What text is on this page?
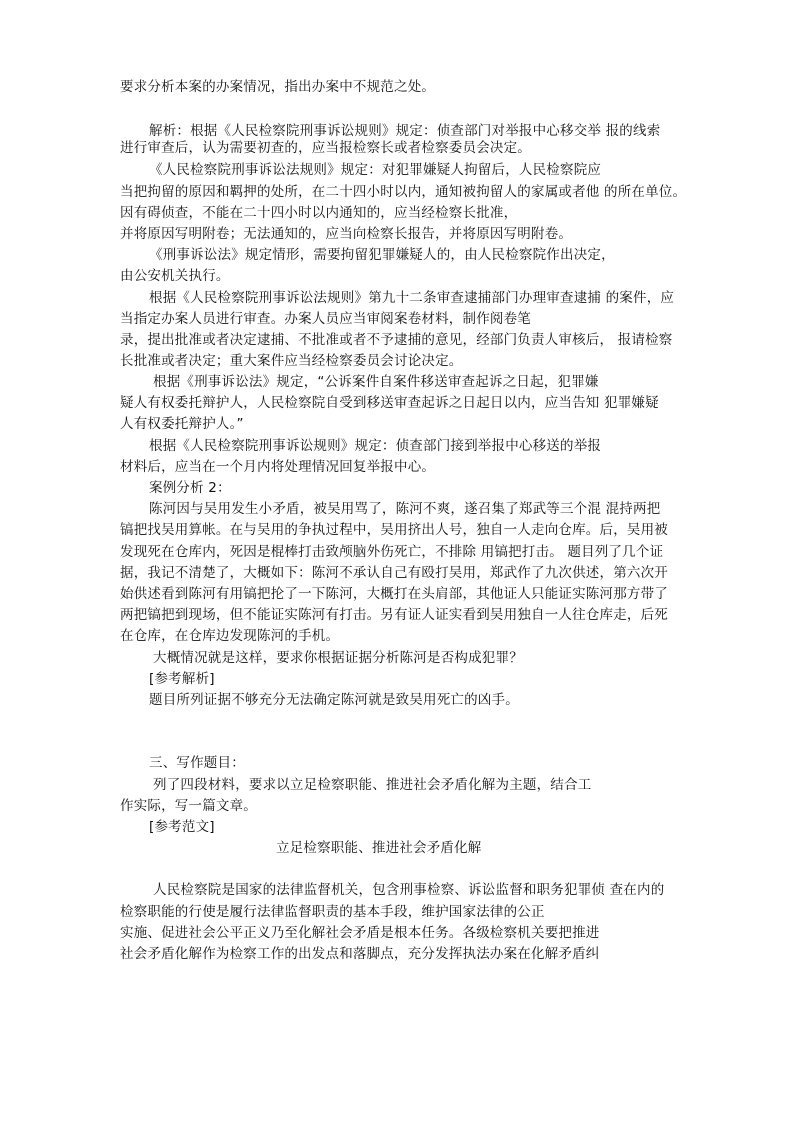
要求分析本案的办案情况，指出办案中不规范之处。
解析：根据《人民检察院刑事诉讼规则》规定：侦查部门对举报中心移交举 报的线索
进行审查后，认为需要初查的，应当报检察长或者检察委员会决定。
《人民检察院刑事诉讼法规则》规定：对犯罪嫌疑人拘留后，人民检察院应
当把拘留的原因和羁押的处所，在二十四小时以内，通知被拘留人的家属或者他 的所在单位。
因有碍侦查，不能在二十四小时以内通知的，应当经检察长批准，
并将原因写明附卷；无法通知的，应当向检察长报告，并将原因写明附卷。
《刑事诉讼法》规定情形，需要拘留犯罪嫌疑人的，由人民检察院作出决定，
由公安机关执行。
根据《人民检察院刑事诉讼法规则》第九十二条审查逮捕部门办理审查逮捕 的案件，应
当指定办案人员进行审查。办案人员应当审阅案卷材料，制作阅卷笔
录，提出批准或者决定逮捕、不批准或者不予逮捕的意见，经部门负责人审核后， 报请检察
长批准或者决定；重大案件应当经检察委员会讨论决定。
根据《刑事诉讼法》规定，“公诉案件自案件移送审查起诉之日起，犯罪嫌
疑人有权委托辩护人，人民检察院自受到移送审查起诉之日起日以内，应当告知 犯罪嫌疑
人有权委托辩护人。”
根据《人民检察院刑事诉讼规则》规定：侦查部门接到举报中心移送的举报
材料后，应当在一个月内将处理情况回复举报中心。
案例分析 2：
陈河因与吴用发生小矛盾，被吴用骂了，陈河不爽，遂召集了郑武等三个混 混持两把
镐把找吴用算帐。在与吴用的争执过程中，吴用挤出人号，独自一人走向仓库。后，吴用被
发现死在仓库内，死因是棍棒打击致颅脑外伤死亡，不排除 用镐把打击。 题目列了几个证
据，我记不清楚了，大概如下：陈河不承认自己有殴打吴用，郑武作了九次供述，第六次开
始供述看到陈河有用镐把抡了一下陈河，大概打在头肩部，其他证人只能证实陈河那方带了
两把镐把到现场，但不能证实陈河有打击。另有证人证实看到吴用独自一人往仓库走，后死
在仓库，在仓库边发现陈河的手机。
大概情况就是这样，要求你根据证据分析陈河是否构成犯罪？
[参考解析]
题目所列证据不够充分无法确定陈河就是致吴用死亡的凶手。
三、写作题目：
列了四段材料，要求以立足检察职能、推进社会矛盾化解为主题，结合工
作实际，写一篇文章。
[参考范文]
立足检察职能、推进社会矛盾化解
人民检察院是国家的法律监督机关，包含刑事检察、诉讼监督和职务犯罪侦 查在内的
检察职能的行使是履行法律监督职责的基本手段，维护国家法律的公正
实施、促进社会公平正义乃至化解社会矛盾是根本任务。各级检察机关要把推进
社会矛盾化解作为检察工作的出发点和落脚点，充分发挥执法办案在化解矛盾纠
